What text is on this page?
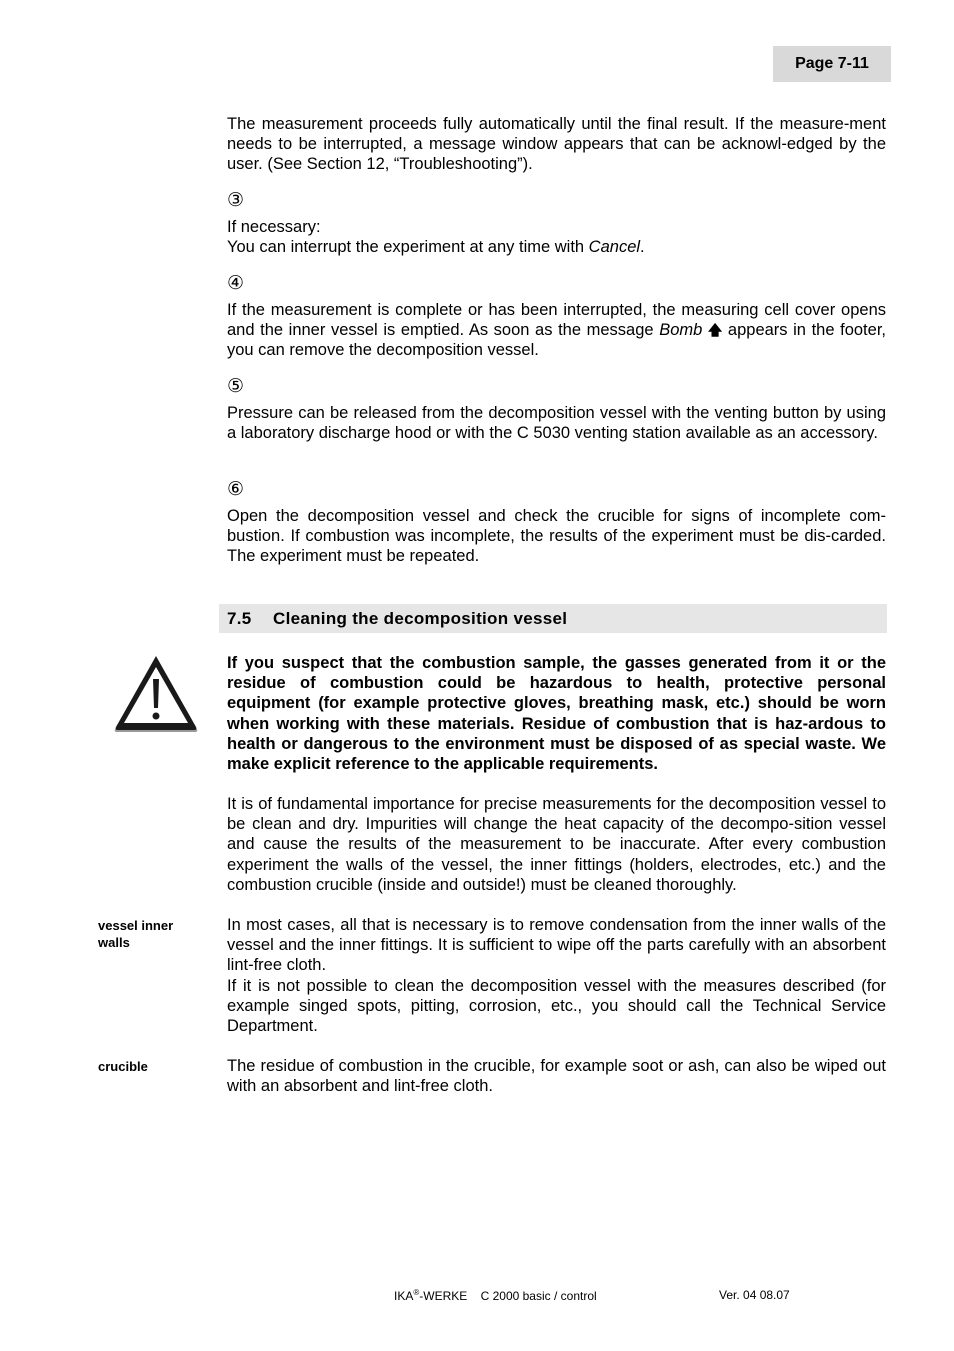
Page 7-11

The measurement proceeds fully automatically until the final result. If the measure-ment needs to be interrupted, a message window appears that can be acknowl-edged by the user. (See Section 12, “Troubleshooting”).

③

If necessary:

You can interrupt the experiment at any time with Cancel.

④

If the measurement is complete or has been interrupted, the measuring cell cover opens and the inner vessel is emptied. As soon as the message Bomb 🡅 appears in the footer, you can remove the decomposition vessel.

⑤

Pressure can be released from the decomposition vessel with the venting button by using a laboratory discharge hood or with the C 5030 venting station available as an accessory.

⑥

Open the decomposition vessel and check the crucible for signs of incomplete com-bustion. If combustion was incomplete, the results of the experiment must be dis-carded. The experiment must be repeated.

7.5	Cleaning the decomposition vessel

If you suspect that the combustion sample, the gasses generated from it or the residue of combustion could be hazardous to health, protective personal equipment (for example protective gloves, breathing mask, etc.) should be worn when working with these materials. Residue of combustion that is haz-ardous to health or dangerous to the environment must be disposed of as special waste. We make explicit reference to the applicable requirements.

It is of fundamental importance for precise measurements for the decomposition vessel to be clean and dry. Impurities will change the heat capacity of the decompo-sition vessel and cause the results of the measurement to be inaccurate. After every combustion experiment the walls of the vessel, the inner fittings (holders, electrodes, etc.) and the combustion crucible (inside and outside!) must be cleaned thoroughly.

vessel inner
walls

In most cases, all that is necessary is to remove condensation from the inner walls of the vessel and the inner fittings. It is sufficient to wipe off the parts carefully with an absorbent lint-free cloth.

If it is not possible to clean the decomposition vessel with the measures described (for example singed spots, pitting, corrosion, etc., you should call the Technical Service Department.

crucible	The residue of combustion in the crucible, for example soot or ash, can also be wiped out with an absorbent and lint-free cloth.

IKA®-WERKE C 2000 basic / control	Ver. 04 08.07
